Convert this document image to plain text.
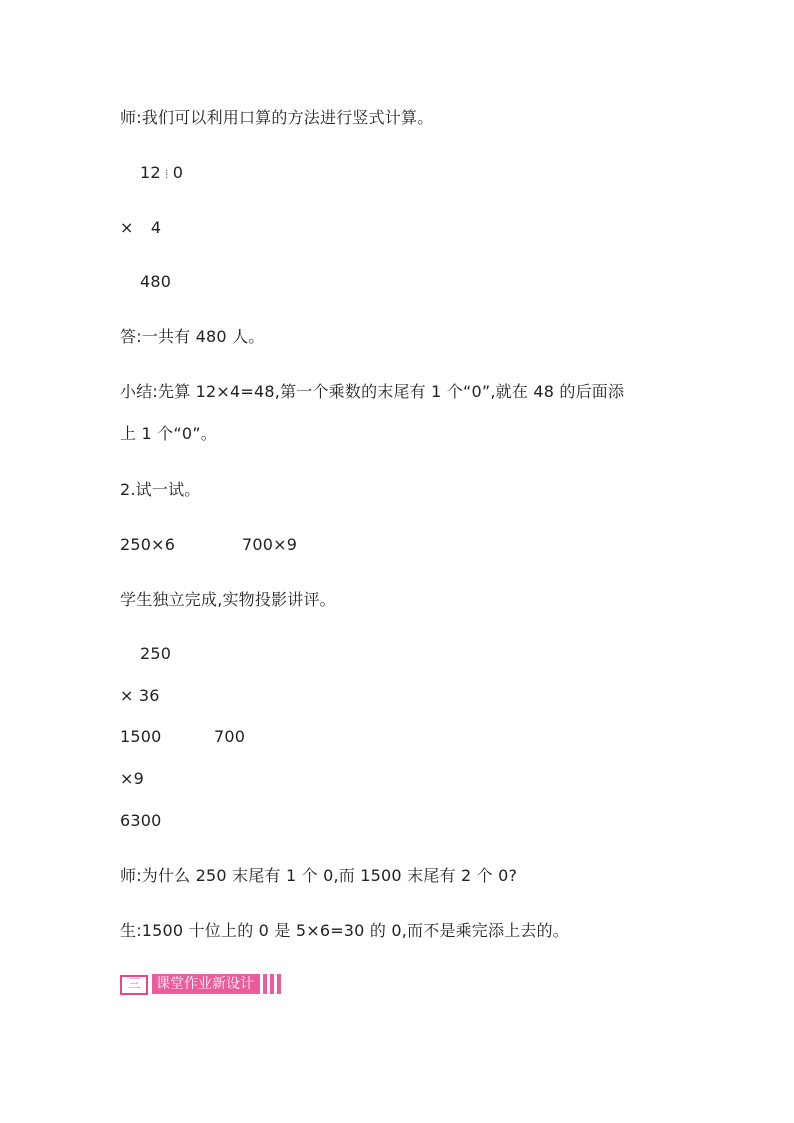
师:我们可以利用口算的方法进行竖式计算。
12 ⁞ 0
× 4
480
答:一共有 480 人。
小结:先算 12×4=48,第一个乘数的末尾有 1 个“0”,就在 48 的后面添
上 1 个“0”。
2.试一试。
250×6	700×9
学生独立完成,实物投影讲评。
250
× 36
1500	700
×9
6300
师:为什么 250 末尾有 1 个 0,而 1500 末尾有 2 个 0?
生:1500 十位上的 0 是 5×6=30 的 0,而不是乘完添上去的。
三	课堂作业新设计
